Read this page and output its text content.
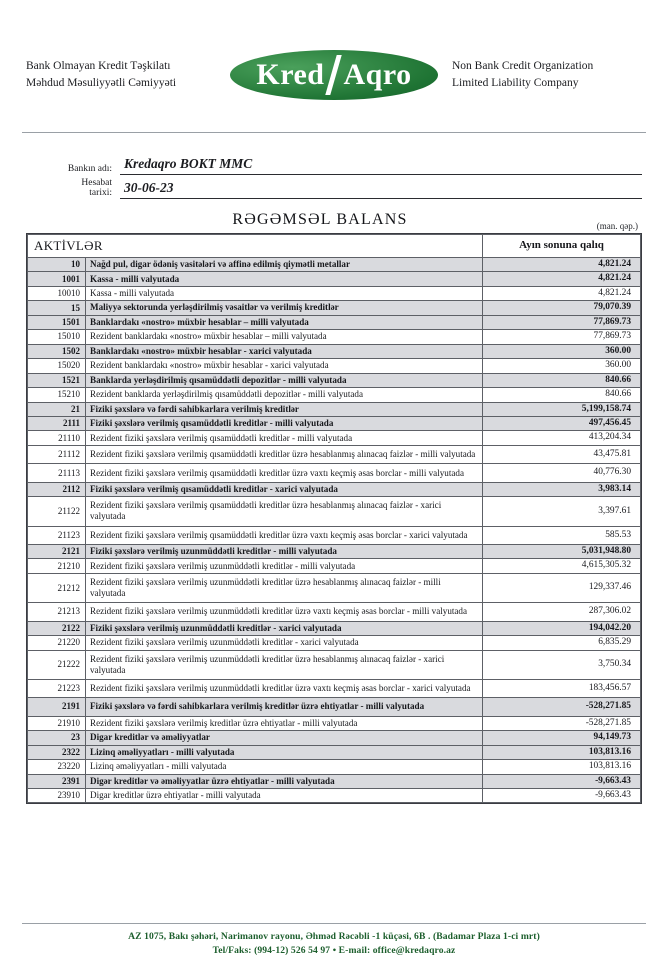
Bank Olmayan Kredit Təşkilatı
Məhdud Məsuliyyətli Cəmiyyəti	Kred Aqro	Non Bank Credit Organization
Limited Liability Company
Bankın adı: Kredaqro BOKT MMC
Hesabat
tarixi: 30-06-23
RƏGƏMSƏL BALANS	(man. qəp.)
AKTİVLƏR		Ayın sonuna qalıq
10	Nağd pul, digar ödəniş vasitələri və affinə edilmiş qiymətli metallar	4,821.24
1001	Kassa - milli valyutada	4,821.24
10010	Kassa - milli valyutada	4,821.24
15	Maliyyə sektorunda yerləşdirilmiş vəsaitlər və verilmiş kreditlər	79,070.39
1501	Banklardakı «nostro» müxbir hesablar – milli valyutada	77,869.73
15010	Rezident banklardakı «nostro» müxbir hesablar – milli valyutada	77,869.73
1502	Banklardakı «nostro» müxbir hesablar - xarici valyutada	360.00
15020	Rezident banklardakı «nostro» müxbir hesablar - xarici valyutada	360.00
1521	Banklarda yerləşdirilmiş qısamüddətli depozitlər - milli valyutada	840.66
15210	Rezident banklarda yerləşdirilmiş qısamüddətli depozitlər - milli valyutada	840.66
21	Fiziki şəxslərə və fərdi sahibkarlara verilmiş kreditlər	5,199,158.74
2111	Fiziki şəxslərə verilmiş qısamüddətli kreditlər - milli valyutada	497,456.45
21110	Rezident fiziki şəxslərə verilmiş qısamüddətli kreditlər - milli valyutada	413,204.34
21112	Rezident fiziki şəxslərə verilmiş qısamüddətli kreditlər üzrə hesablanmış alınacaq faizlər - milli valyutada	43,475.81
21113	Rezident fiziki şəxslərə verilmiş qısamüddətli kreditlər üzrə vaxtı keçmiş əsas borclar - milli valyutada	40,776.30
2112	Fiziki şəxslərə verilmiş qısamüddətli kreditlər - xarici valyutada	3,983.14
21122	Rezident fiziki şəxslərə verilmiş qısamüddətli kreditlər üzrə hesablanmış alınacaq faizlər - xarici valyutada	3,397.61
21123	Rezident fiziki şəxslərə verilmiş qısamüddətli kreditlər üzrə vaxtı keçmiş əsas borclar - xarici valyutada	585.53
2121	Fiziki şəxslərə verilmiş uzunmüddətli kreditlər - milli valyutada	5,031,948.80
21210	Rezident fiziki şəxslərə verilmiş uzunmüddətli kreditlər - milli valyutada	4,615,305.32
21212	Rezident fiziki şəxslərə verilmiş uzunmüddətli kreditlər üzrə hesablanmış alınacaq faizlər - milli valyutada	129,337.46
21213	Rezident fiziki şəxslərə verilmiş uzunmüddətli kreditlər üzrə vaxtı keçmiş əsas borclar - milli valyutada	287,306.02
2122	Fiziki şəxslərə verilmiş uzunmüddətli kreditlər - xarici valyutada	194,042.20
21220	Rezident fiziki şəxslərə verilmiş uzunmüddətli kreditlər - xarici valyutada	6,835.29
21222	Rezident fiziki şəxslərə verilmiş uzunmüddətli kreditlər üzrə hesablanmış alınacaq faizlər - xarici valyutada	3,750.34
21223	Rezident fiziki şəxslərə verilmiş uzunmüddətli kreditlər üzrə vaxtı keçmiş əsas borclar - xarici valyutada	183,456.57
2191	Fiziki şəxslərə və fərdi sahibkarlara verilmiş kreditlər üzrə ehtiyatlar - milli valyutada	-528,271.85
21910	Rezident fiziki şəxslərə verilmiş kreditlər üzrə ehtiyatlar - milli valyutada	-528,271.85
23	Digar kreditlər və əməliyyatlar	94,149.73
2322	Lizinq əməliyyatları - milli valyutada	103,813.16
23220	Lizinq əməliyyatları - milli valyutada	103,813.16
2391	Digər kreditlər və əməliyyatlar üzrə ehtiyatlar - milli valyutada	-9,663.43
23910	Digar kreditlər üzrə ehtiyatlar - milli valyutada	-9,663.43
AZ 1075, Bakı şəhəri, Narimanov rayonu, Əhməd Rəcəbli -1 küçəsi, 6B . (Badamar Plaza 1-ci mrt)
Tel/Faks: (994-12) 526 54 97 • E-mail: office@kredaqro.az
